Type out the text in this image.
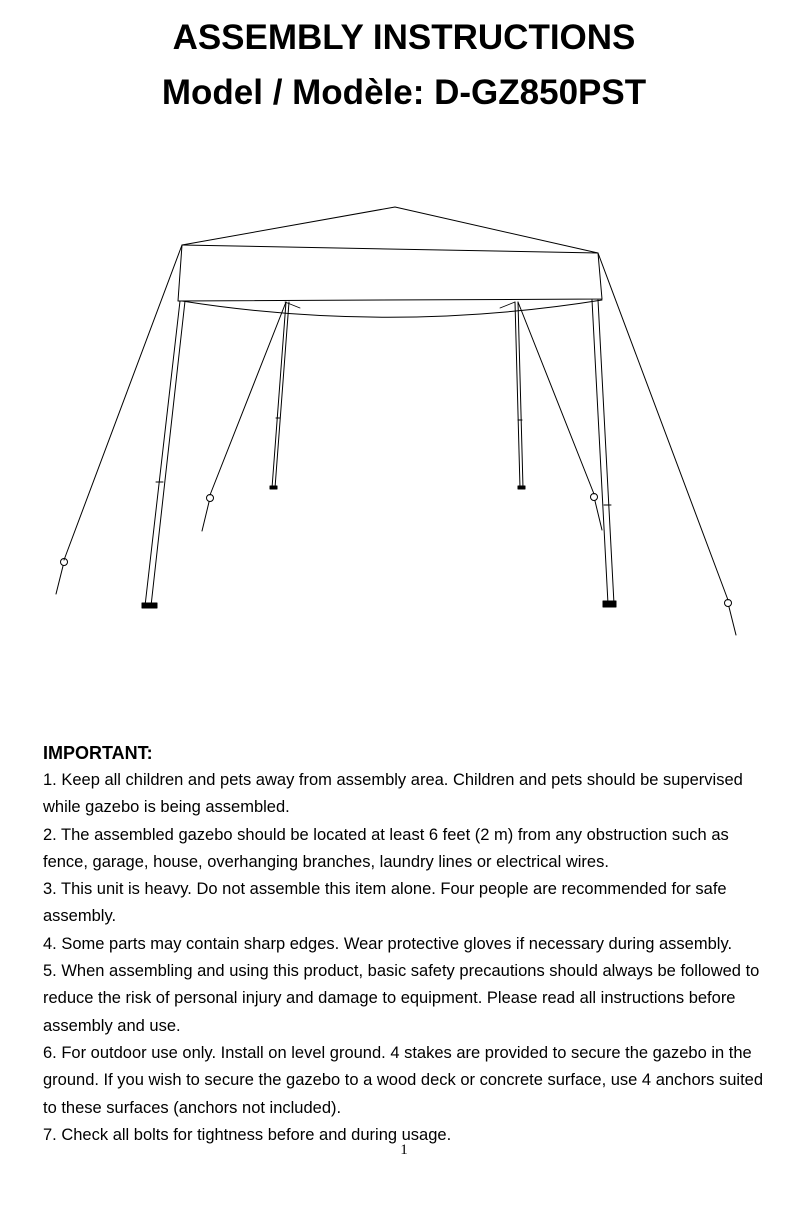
ASSEMBLY INSTRUCTIONS
Model / Modèle: D-GZ850PST
IMPORTANT:

1. Keep all children and pets away from assembly area. Children and pets should be supervised while gazebo is being assembled.

2. The assembled gazebo should be located at least 6 feet (2 m) from any obstruction such as fence, garage, house, overhanging branches, laundry lines or electrical wires.

3. This unit is heavy. Do not assemble this item alone. Four people are recommended for safe assembly.

4. Some parts may contain sharp edges. Wear protective gloves if necessary during assembly.

5. When assembling and using this product, basic safety precautions should always be followed to reduce the risk of personal injury and damage to equipment. Please read all instructions before assembly and use.

6. For outdoor use only. Install on level ground. 4 stakes are provided to secure the gazebo in the ground. If you wish to secure the gazebo to a wood deck or concrete surface, use 4 anchors suited to these surfaces (anchors not included).

7. Check all bolts for tightness before and during usage.

1
